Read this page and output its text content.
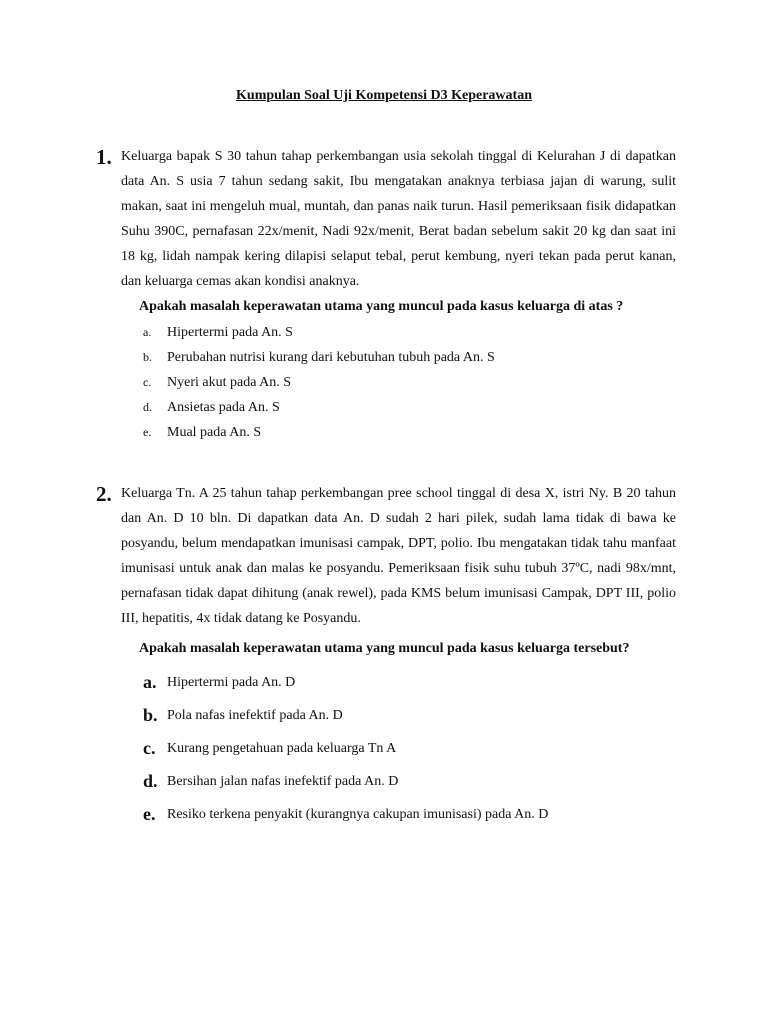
Kumpulan Soal Uji Kompetensi D3 Keperawatan
1. Keluarga bapak S 30 tahun tahap perkembangan usia sekolah tinggal di Kelurahan J di dapatkan data An. S usia 7 tahun sedang sakit, Ibu mengatakan anaknya terbiasa jajan di warung, sulit makan, saat ini mengeluh mual, muntah, dan panas naik turun. Hasil pemeriksaan fisik didapatkan Suhu 390C, pernafasan 22x/menit, Nadi 92x/menit, Berat badan sebelum sakit 20 kg dan saat ini 18 kg, lidah nampak kering dilapisi selaput tebal, perut kembung, nyeri tekan pada perut kanan, dan keluarga cemas akan kondisi anaknya.
Apakah masalah keperawatan utama yang muncul pada kasus keluarga di atas ?
a. Hipertermi pada An. S
b. Perubahan nutrisi kurang dari kebutuhan tubuh pada An. S
c. Nyeri akut pada An. S
d. Ansietas pada An. S
e. Mual pada An. S
2. Keluarga Tn. A 25 tahun tahap perkembangan pree school tinggal di desa X, istri Ny. B 20 tahun dan An. D 10 bln. Di dapatkan data An. D sudah 2 hari pilek, sudah lama tidak di bawa ke posyandu, belum mendapatkan imunisasi campak, DPT, polio. Ibu mengatakan tidak tahu manfaat imunisasi untuk anak dan malas ke posyandu. Pemeriksaan fisik suhu tubuh 37ºC, nadi 98x/mnt, pernafasan tidak dapat dihitung (anak rewel), pada KMS belum imunisasi Campak, DPT III, polio III, hepatitis, 4x tidak datang ke Posyandu.
Apakah masalah keperawatan utama yang muncul pada kasus keluarga tersebut?
a. Hipertermi pada An. D
b. Pola nafas inefektif pada An. D
c. Kurang pengetahuan pada keluarga Tn A
d. Bersihan jalan nafas inefektif pada An. D
e. Resiko terkena penyakit (kurangnya cakupan imunisasi) pada An. D
